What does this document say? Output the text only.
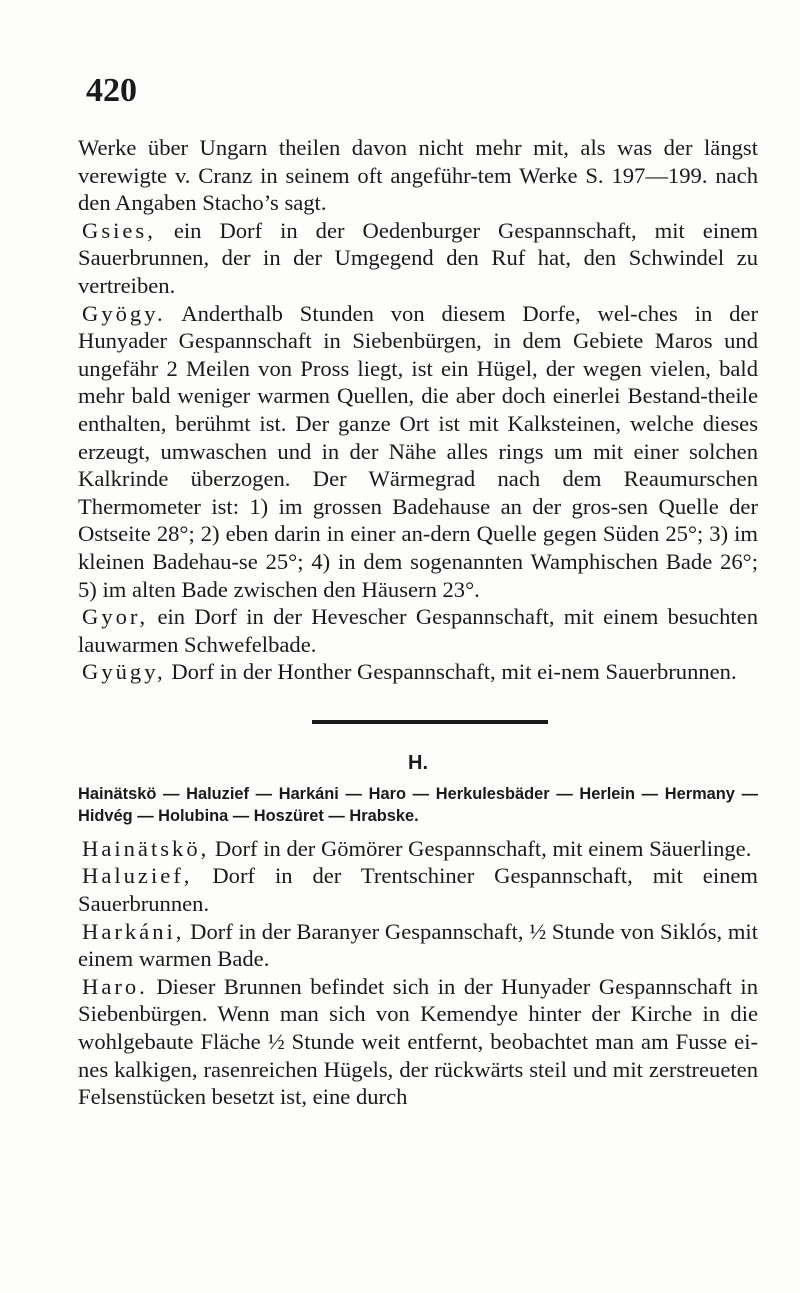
420

Werke über Ungarn theilen davon nicht mehr mit, als was der längst verewigte v. Cranz in seinem oft angeführ-tem Werke S. 197—199. nach den Angaben Stacho’s sagt.

Gsies, ein Dorf in der Oedenburger Gespannschaft, mit einem Sauerbrunnen, der in der Umgegend den Ruf hat, den Schwindel zu vertreiben.

Gyögy. Anderthalb Stunden von diesem Dorfe, wel-ches in der Hunyader Gespannschaft in Siebenbürgen, in dem Gebiete Maros und ungefähr 2 Meilen von Pross liegt, ist ein Hügel, der wegen vielen, bald mehr bald weniger warmen Quellen, die aber doch einerlei Bestand-theile enthalten, berühmt ist. Der ganze Ort ist mit Kalksteinen, welche dieses erzeugt, umwaschen und in der Nähe alles rings um mit einer solchen Kalkrinde überzogen. Der Wärmegrad nach dem Reaumurschen Thermometer ist: 1) im grossen Badehause an der gros-sen Quelle der Ostseite 28°; 2) eben darin in einer an-dern Quelle gegen Süden 25°; 3) im kleinen Badehau-se 25°; 4) in dem sogenannten Wamphischen Bade 26°; 5) im alten Bade zwischen den Häusern 23°.

Gyor, ein Dorf in der Hevescher Gespannschaft, mit einem besuchten lauwarmen Schwefelbade.

Gyügy, Dorf in der Honther Gespannschaft, mit ei-nem Sauerbrunnen.

H.

Hainätskö — Haluzief — Harkáni — Haro — Herkulesbäder — Herlein — Hermany — Hidvég — Holubina — Hoszüret — Hrabske.

Hainätskö, Dorf in der Gömörer Gespannschaft, mit einem Säuerlinge.

Haluzief, Dorf in der Trentschiner Gespannschaft, mit einem Sauerbrunnen.

Harkáni, Dorf in der Baranyer Gespannschaft, ½ Stunde von Siklós, mit einem warmen Bade.

Haro. Dieser Brunnen befindet sich in der Hunyader Gespannschaft in Siebenbürgen. Wenn man sich von Kemendye hinter der Kirche in die wohlgebaute Fläche ½ Stunde weit entfernt, beobachtet man am Fusse ei-nes kalkigen, rasenreichen Hügels, der rückwärts steil und mit zerstreueten Felsenstücken besetzt ist, eine durch
